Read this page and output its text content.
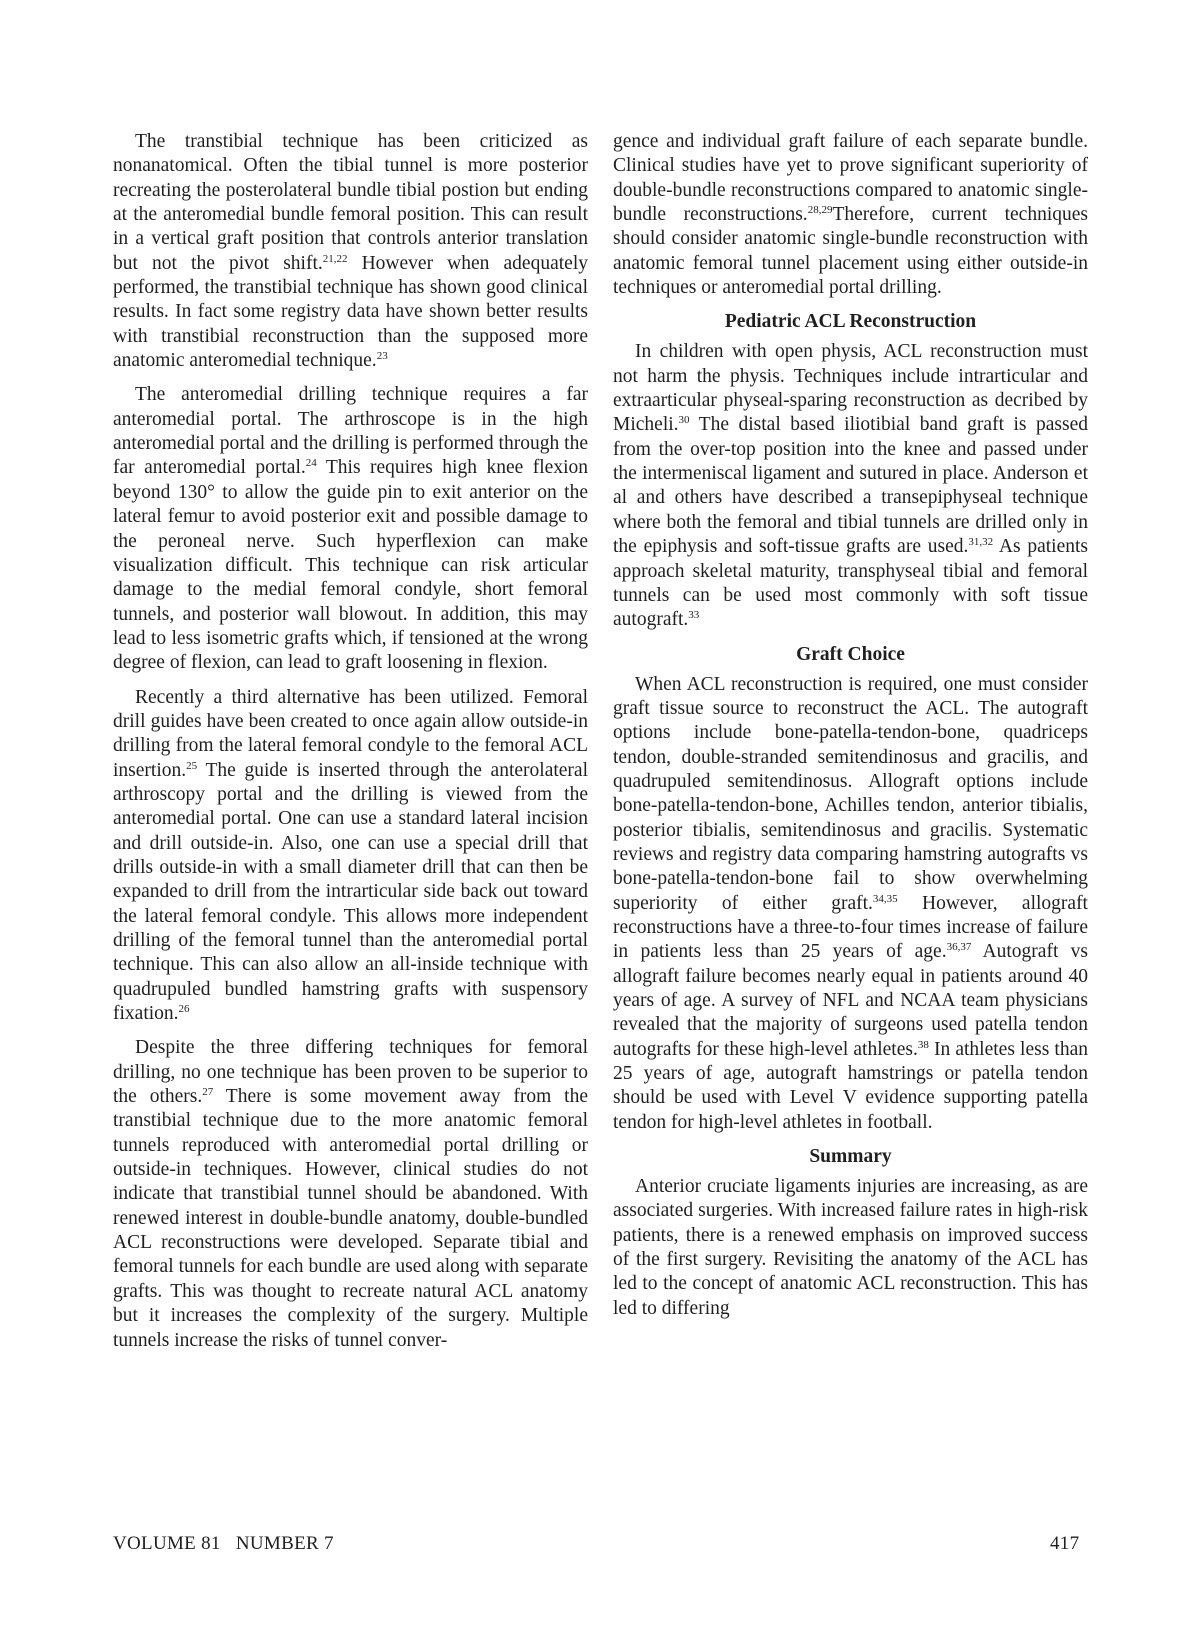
The transtibial technique has been criticized as nonanatomical. Often the tibial tunnel is more posterior recreating the posterolateral bundle tibial postion but ending at the anteromedial bundle femoral position. This can result in a vertical graft position that controls anterior translation but not the pivot shift.$^{21,22}$ However when adequately performed, the transtibial technique has shown good clinical results. In fact some registry data have shown better results with transtibial reconstruction than the supposed more anatomic anteromedial technique.$^{23}$

The anteromedial drilling technique requires a far anteromedial portal. The arthroscope is in the high anteromedial portal and the drilling is performed through the far anteromedial portal.$^{24}$ This requires high knee flexion beyond 130° to allow the guide pin to exit anterior on the lateral femur to avoid posterior exit and possible damage to the peroneal nerve. Such hyperflexion can make visualization difficult. This technique can risk articular damage to the medial femoral condyle, short femoral tunnels, and posterior wall blowout. In addition, this may lead to less isometric grafts which, if tensioned at the wrong degree of flexion, can lead to graft loosening in flexion.

Recently a third alternative has been utilized. Femoral drill guides have been created to once again allow outside-in drilling from the lateral femoral condyle to the femoral ACL insertion.$^{25}$ The guide is inserted through the anterolateral arthroscopy portal and the drilling is viewed from the anteromedial portal. One can use a standard lateral incision and drill outside-in. Also, one can use a special drill that drills outside-in with a small diameter drill that can then be expanded to drill from the intrarticular side back out toward the lateral femoral condyle. This allows more independent drilling of the femoral tunnel than the anteromedial portal technique. This can also allow an all-inside technique with quadrupuled bundled hamstring grafts with suspensory fixation.$^{26}$

Despite the three differing techniques for femoral drilling, no one technique has been proven to be superior to the others.$^{27}$ There is some movement away from the transtibial technique due to the more anatomic femoral tunnels reproduced with anteromedial portal drilling or outside-in techniques. However, clinical studies do not indicate that transtibial tunnel should be abandoned. With renewed interest in double-bundle anatomy, double-bundled ACL reconstructions were developed. Separate tibial and femoral tunnels for each bundle are used along with separate grafts. This was thought to recreate natural ACL anatomy but it increases the complexity of the surgery. Multiple tunnels increase the risks of tunnel conver-

gence and individual graft failure of each separate bundle. Clinical studies have yet to prove significant superiority of double-bundle reconstructions compared to anatomic single-bundle reconstructions.$^{28,29}$Therefore, current techniques should consider anatomic single-bundle reconstruction with anatomic femoral tunnel placement using either outside-in techniques or anteromedial portal drilling.

Pediatric ACL Reconstruction

In children with open physis, ACL reconstruction must not harm the physis. Techniques include intrarticular and extraarticular physeal-sparing reconstruction as decribed by Micheli.$^{30}$ The distal based iliotibial band graft is passed from the over-top position into the knee and passed under the intermeniscal ligament and sutured in place. Anderson et al and others have described a transepiphyseal technique where both the femoral and tibial tunnels are drilled only in the epiphysis and soft-tissue grafts are used.$^{31,32}$ As patients approach skeletal maturity, transphyseal tibial and femoral tunnels can be used most commonly with soft tissue autograft.$^{33}$

Graft Choice

When ACL reconstruction is required, one must consider graft tissue source to reconstruct the ACL. The autograft options include bone-patella-tendon-bone, quadriceps tendon, double-stranded semitendinosus and gracilis, and quadrupuled semitendinosus. Allograft options include bone-patella-tendon-bone, Achilles tendon, anterior tibialis, posterior tibialis, semitendinosus and gracilis. Systematic reviews and registry data comparing hamstring autografts vs bone-patella-tendon-bone fail to show overwhelming superiority of either graft.$^{34,35}$ However, allograft reconstructions have a three-to-four times increase of failure in patients less than 25 years of age.$^{36,37}$ Autograft vs allograft failure becomes nearly equal in patients around 40 years of age. A survey of NFL and NCAA team physicians revealed that the majority of surgeons used patella tendon autografts for these high-level athletes.$^{38}$ In athletes less than 25 years of age, autograft hamstrings or patella tendon should be used with Level V evidence supporting patella tendon for high-level athletes in football.

Summary

Anterior cruciate ligaments injuries are increasing, as are associated surgeries. With increased failure rates in high-risk patients, there is a renewed emphasis on improved success of the first surgery. Revisiting the anatomy of the ACL has led to the concept of anatomic ACL reconstruction. This has led to differing

VOLUME 81   NUMBER 7	417
